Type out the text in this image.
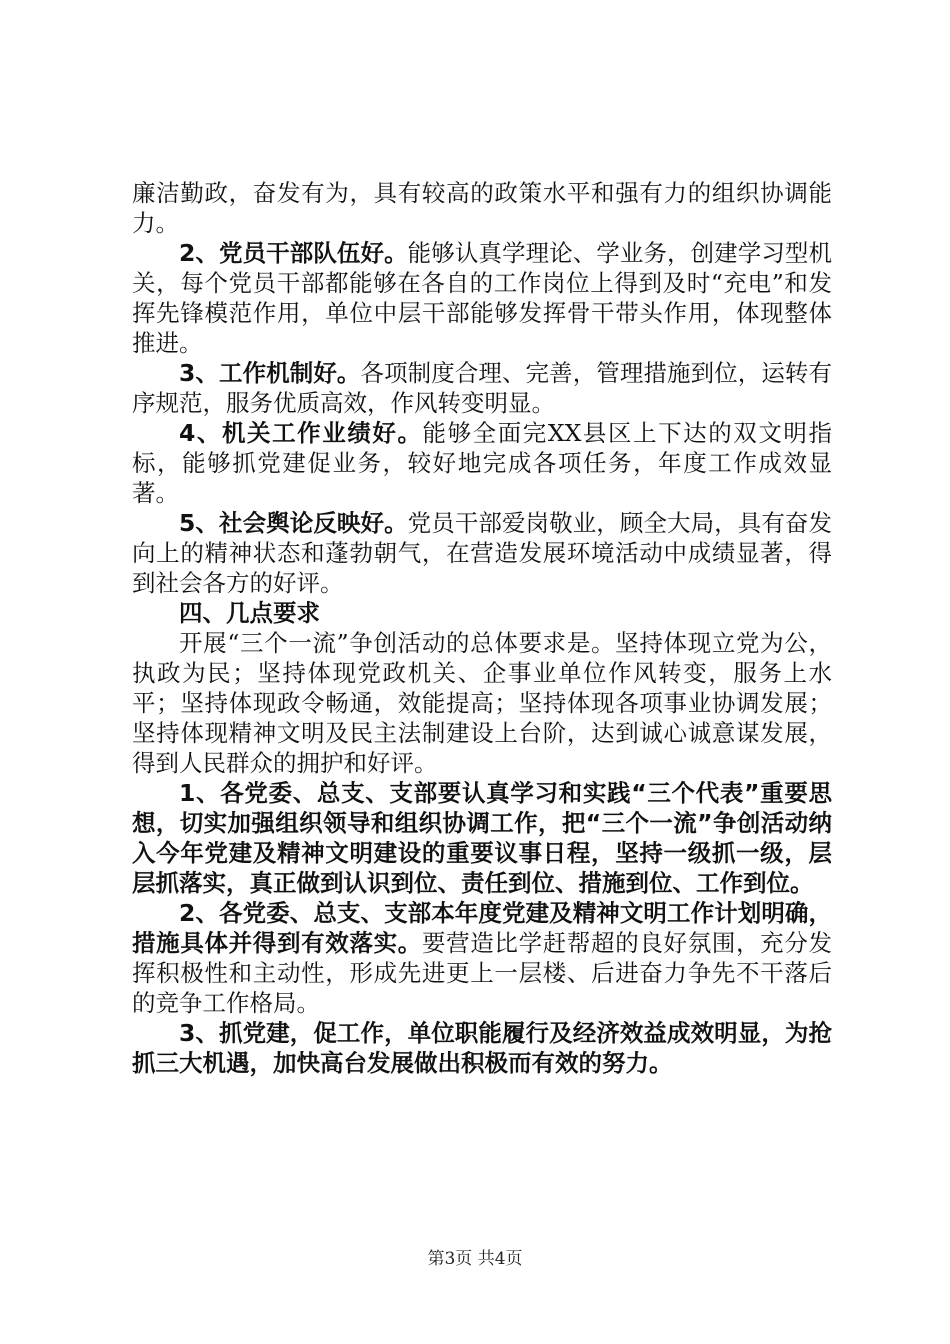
廉洁勤政，奋发有为，具有较高的政策水平和强有力的组织协调能力。

2、党员干部队伍好。能够认真学理论、学业务，创建学习型机关，每个党员干部都能够在各自的工作岗位上得到及时“充电”和发挥先锋模范作用，单位中层干部能够发挥骨干带头作用，体现整体推进。

3、工作机制好。各项制度合理、完善，管理措施到位，运转有序规范，服务优质高效，作风转变明显。

4、机关工作业绩好。能够全面完XX县区上下达的双文明指标，能够抓党建促业务，较好地完成各项任务，年度工作成效显著。

5、社会舆论反映好。党员干部爱岗敬业，顾全大局，具有奋发向上的精神状态和蓬勃朝气，在营造发展环境活动中成绩显著，得到社会各方的好评。

四、几点要求

开展“三个一流”争创活动的总体要求是。坚持体现立党为公，执政为民；坚持体现党政机关、企事业单位作风转变，服务上水平；坚持体现政令畅通，效能提高；坚持体现各项事业协调发展；坚持体现精神文明及民主法制建设上台阶，达到诚心诚意谋发展，得到人民群众的拥护和好评。

1、各党委、总支、支部要认真学习和实践“三个代表”重要思想，切实加强组织领导和组织协调工作，把“三个一流”争创活动纳入今年党建及精神文明建设的重要议事日程，坚持一级抓一级，层层抓落实，真正做到认识到位、责任到位、措施到位、工作到位。

2、各党委、总支、支部本年度党建及精神文明工作计划明确，措施具体并得到有效落实。要营造比学赶帮超的良好氛围，充分发挥积极性和主动性，形成先进更上一层楼、后进奋力争先不干落后的竞争工作格局。

3、抓党建，促工作，单位职能履行及经济效益成效明显，为抢抓三大机遇，加快高台发展做出积极而有效的努力。

第3页 共4页
